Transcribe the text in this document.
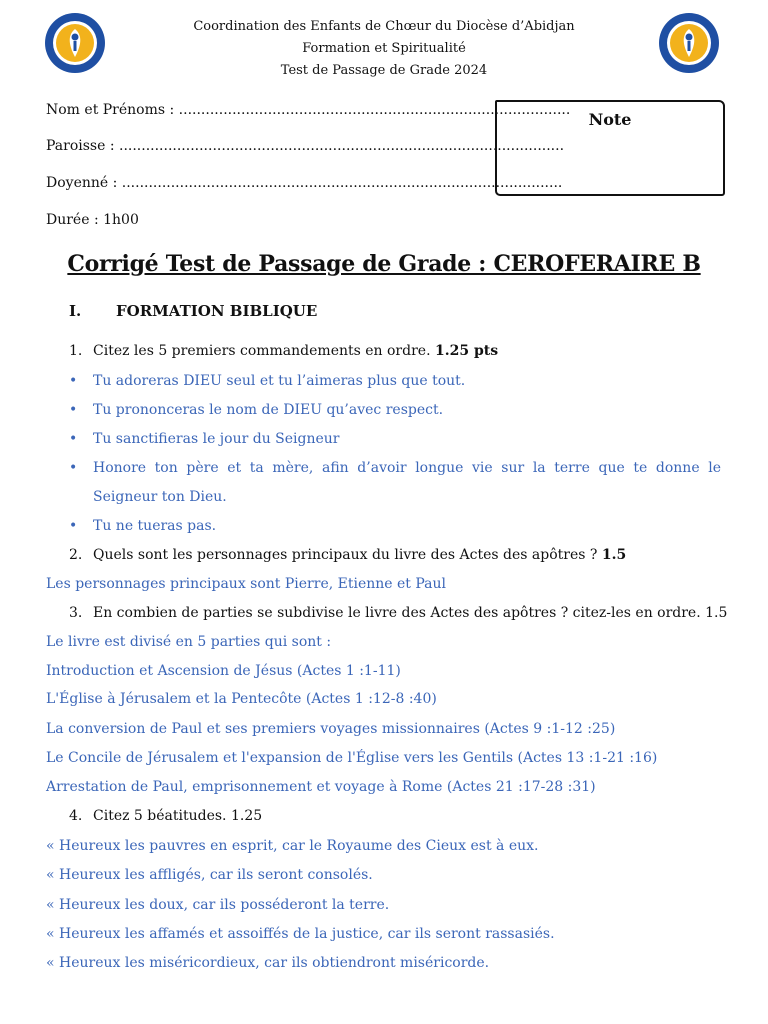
Coordination des Enfants de Chœur du Diocèse d’Abidjan
Formation et Spiritualité
Test de Passage de Grade 2024
Nom et Prénoms : ........................................................................................
Paroisse : ....................................................................................................
Doyenné : ...................................................................................................
Note
Durée : 1h00
Corrigé Test de Passage de Grade : CEROFERAIRE B
I. FORMATION BIBLIQUE
1. Citez les 5 premiers commandements en ordre. 1.25 pts
•	Tu adoreras DIEU seul et tu l’aimeras plus que tout.
•	Tu prononceras le nom de DIEU qu’avec respect.
•	Tu sanctifieras le jour du Seigneur
•	Honore ton père et ta mère, afin d’avoir longue vie sur la terre que te donne le Seigneur ton Dieu.
•	Tu ne tueras pas.
2. Quels sont les personnages principaux du livre des Actes des apôtres ? 1.5
Les personnages principaux sont Pierre, Etienne et Paul
3. En combien de parties se subdivise le livre des Actes des apôtres ? citez-les en ordre. 1.5
Le livre est divisé en 5 parties qui sont :
Introduction et Ascension de Jésus (Actes 1 :1-11)
L'Église à Jérusalem et la Pentecôte (Actes 1 :12-8 :40)
La conversion de Paul et ses premiers voyages missionnaires (Actes 9 :1-12 :25)
Le Concile de Jérusalem et l'expansion de l'Église vers les Gentils (Actes 13 :1-21 :16)
Arrestation de Paul, emprisonnement et voyage à Rome (Actes 21 :17-28 :31)
4. Citez 5 béatitudes. 1.25
« Heureux les pauvres en esprit, car le Royaume des Cieux est à eux.
« Heureux les affligés, car ils seront consolés.
« Heureux les doux, car ils posséderont la terre.
« Heureux les affamés et assoiffés de la justice, car ils seront rassasiés.
« Heureux les miséricordieux, car ils obtiendront miséricorde.
